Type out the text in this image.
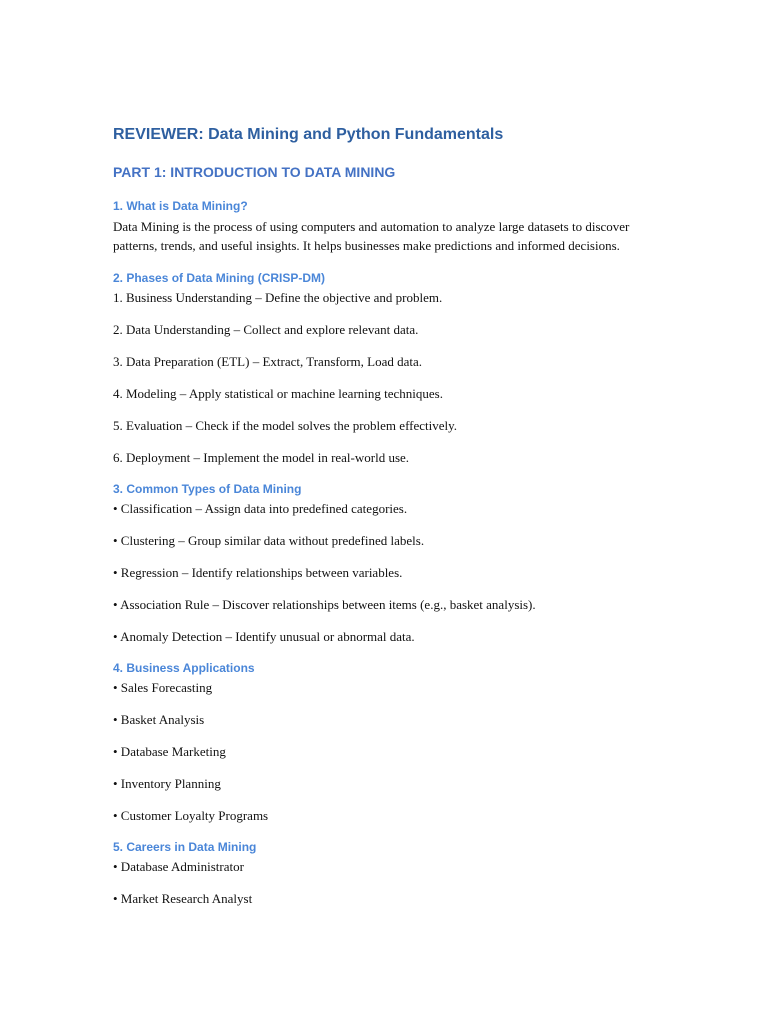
REVIEWER: Data Mining and Python Fundamentals
PART 1: INTRODUCTION TO DATA MINING
1. What is Data Mining?

Data Mining is the process of using computers and automation to analyze large datasets to discover patterns, trends, and useful insights. It helps businesses make predictions and informed decisions.

2. Phases of Data Mining (CRISP-DM)

1. Business Understanding – Define the objective and problem.

2. Data Understanding – Collect and explore relevant data.

3. Data Preparation (ETL) – Extract, Transform, Load data.

4. Modeling – Apply statistical or machine learning techniques.

5. Evaluation – Check if the model solves the problem effectively.

6. Deployment – Implement the model in real-world use.

3. Common Types of Data Mining

• Classification – Assign data into predefined categories.

• Clustering – Group similar data without predefined labels.

• Regression – Identify relationships between variables.

• Association Rule – Discover relationships between items (e.g., basket analysis).

• Anomaly Detection – Identify unusual or abnormal data.

4. Business Applications

• Sales Forecasting

• Basket Analysis

• Database Marketing

• Inventory Planning

• Customer Loyalty Programs

5. Careers in Data Mining

• Database Administrator

• Market Research Analyst
